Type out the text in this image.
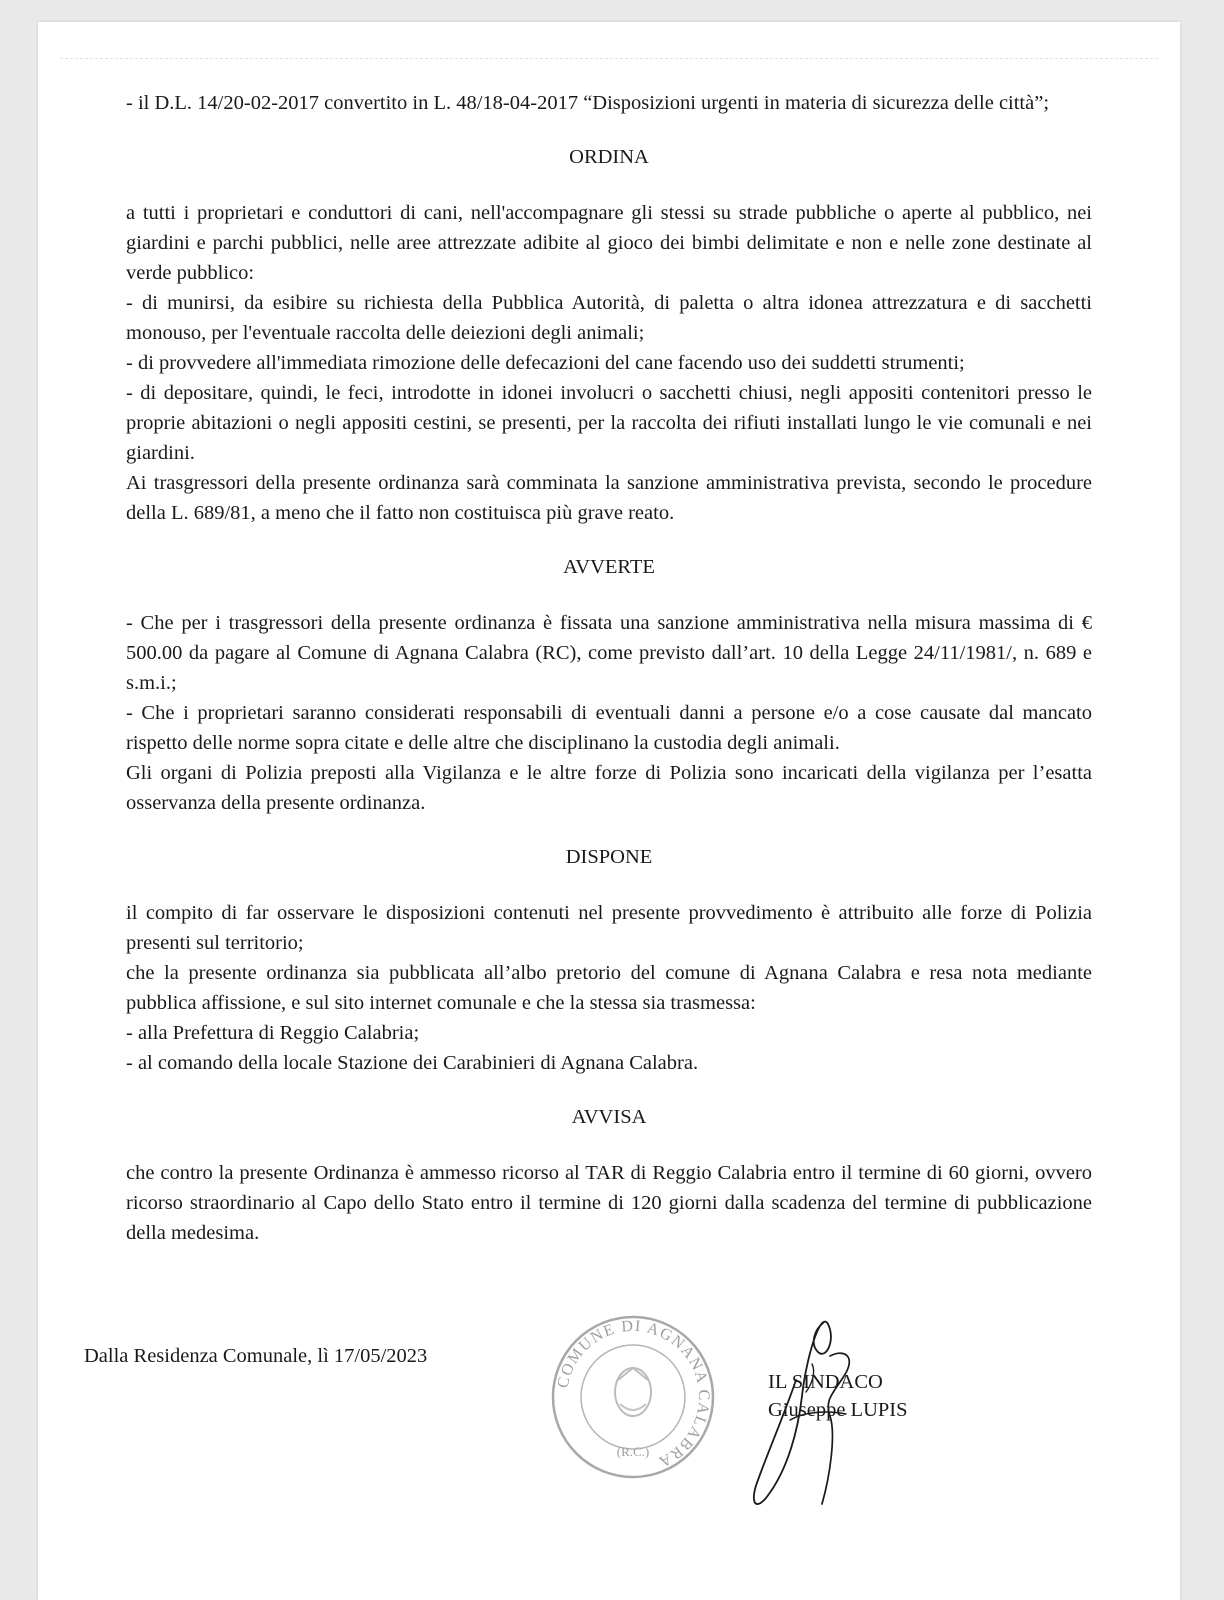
- il D.L. 14/20-02-2017 convertito in L. 48/18-04-2017 “Disposizioni urgenti in materia di sicurezza delle città”;

ORDINA

a tutti i proprietari e conduttori di cani, nell'accompagnare gli stessi su strade pubbliche o aperte al pubblico, nei giardini e parchi pubblici, nelle aree attrezzate adibite al gioco dei bimbi delimitate e non e nelle zone destinate al verde pubblico:

- di munirsi, da esibire su richiesta della Pubblica Autorità, di paletta o altra idonea attrezzatura e di sacchetti monouso, per l'eventuale raccolta delle deiezioni degli animali;

- di provvedere all'immediata rimozione delle defecazioni del cane facendo uso dei suddetti strumenti;

- di depositare, quindi, le feci, introdotte in idonei involucri o sacchetti chiusi, negli appositi contenitori presso le proprie abitazioni o negli appositi cestini, se presenti, per la raccolta dei rifiuti installati lungo le vie comunali e nei giardini.

Ai trasgressori della presente ordinanza sarà comminata la sanzione amministrativa prevista, secondo le procedure della L. 689/81, a meno che il fatto non costituisca più grave reato.

AVVERTE

- Che per i trasgressori della presente ordinanza è fissata una sanzione amministrativa nella misura massima di € 500.00 da pagare al Comune di Agnana Calabra (RC), come previsto dall’art. 10 della Legge 24/11/1981/, n. 689 e s.m.i.;

- Che i proprietari saranno considerati responsabili di eventuali danni a persone e/o a cose causate dal mancato rispetto delle norme sopra citate e delle altre che disciplinano la custodia degli animali.

Gli organi di Polizia preposti alla Vigilanza e le altre forze di Polizia sono incaricati della vigilanza per l’esatta osservanza della presente ordinanza.

DISPONE

il compito di far osservare le disposizioni contenuti nel presente provvedimento è attribuito alle forze di Polizia presenti sul territorio;

che la presente ordinanza sia pubblicata all’albo pretorio del comune di Agnana Calabra e resa nota mediante pubblica affissione, e sul sito internet comunale e che la stessa sia trasmessa:

- alla Prefettura di Reggio Calabria;

- al comando della locale Stazione dei Carabinieri di Agnana Calabra.

AVVISA

che contro la presente Ordinanza è ammesso ricorso al TAR di Reggio Calabria entro il termine di 60 giorni, ovvero ricorso straordinario al Capo dello Stato entro il termine di 120 giorni dalla scadenza del termine di pubblicazione della medesima.

Dalla Residenza Comunale, lì 17/05/2023
COMUNE DI AGNANA CALABRA
(R.C.)
IL SINDACO
Giuseppe LUPIS
